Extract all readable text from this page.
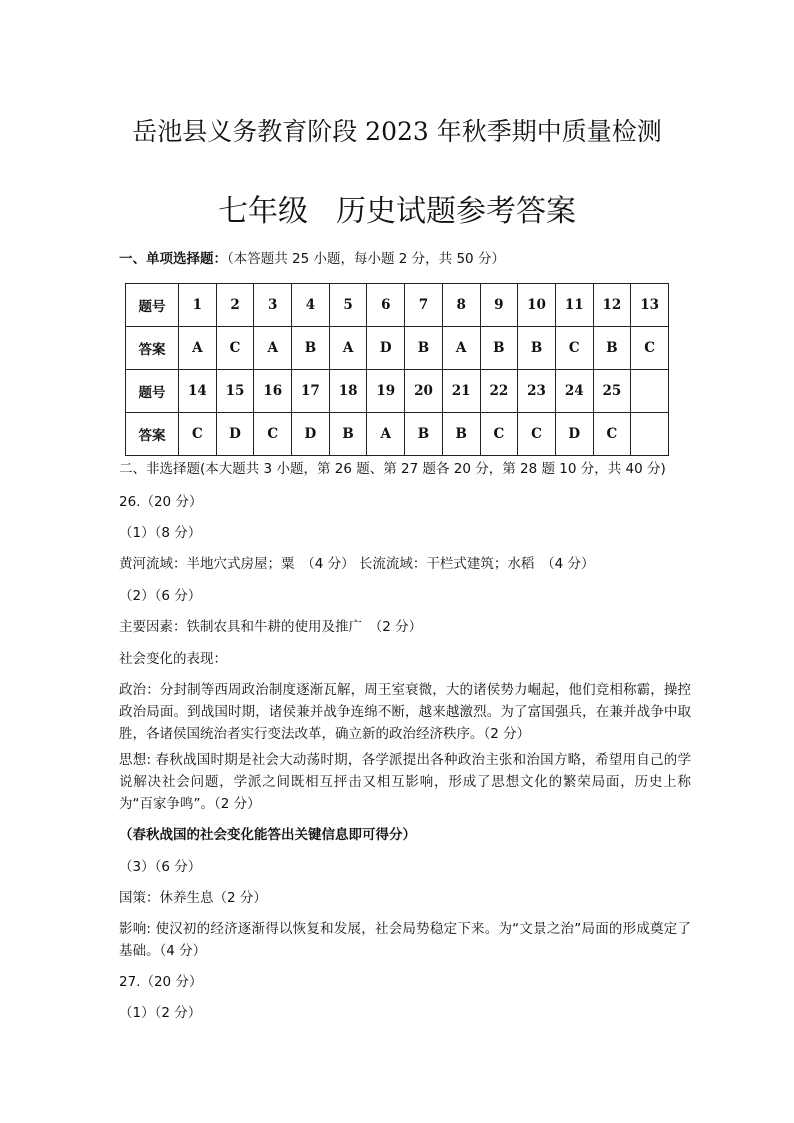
岳池县义务教育阶段 2023 年秋季期中质量检测
七年级 历史试题参考答案
一、单项选择题：（本答题共 25 小题，每小题 2 分，共 50 分）
题号	1	2	3	4	5	6	7	8	9	10	11	12	13
答案	A	C	A	B	A	D	B	A	B	B	C	B	C
题号	14	15	16	17	18	19	20	21	22	23	24	25	
答案	C	D	C	D	B	A	B	B	C	C	D	C	
二、非选择题(本大题共 3 小题，第 26 题、第 27 题各 20 分，第 28 题 10 分，共 40 分)
26.（20 分）
（1）（8 分）
黄河流域：半地穴式房屋；粟　（4 分） 长流流域：干栏式建筑；水稻　（4 分）
（2）（6 分）
主要因素：铁制农具和牛耕的使用及推广　（2 分）
社会变化的表现：
政治：分封制等西周政治制度逐渐瓦解，周王室衰微，大的诸侯势力崛起，他们竞相称霸，操控政治局面。到战国时期，诸侯兼并战争连绵不断，越来越激烈。为了富国强兵，在兼并战争中取胜，各诸侯国统治者实行变法改革，确立新的政治经济秩序。（2 分）
思想: 春秋战国时期是社会大动荡时期，各学派提出各种政治主张和治国方略，希望用自己的学说解决社会问题，学派之间既相互抨击又相互影响，形成了思想文化的繁荣局面，历史上称为“百家争鸣”。（2 分）
（春秋战国的社会变化能答出关键信息即可得分）
（3）（6 分）
国策：休养生息（2 分）
影响: 使汉初的经济逐渐得以恢复和发展，社会局势稳定下来。为“文景之治”局面的形成奠定了基础。（4 分）
27.（20 分）
（1）（2 分）
